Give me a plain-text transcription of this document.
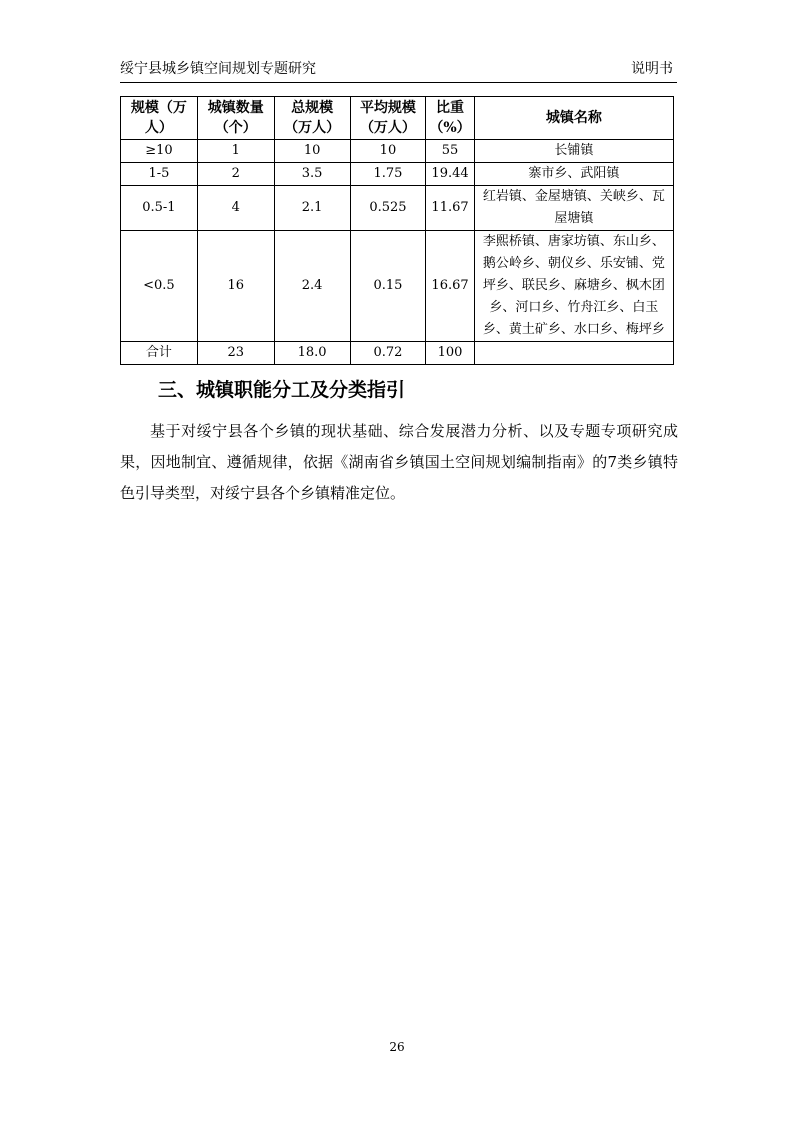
绥宁县城乡镇空间规划专题研究	说明书
规模（万人）	城镇数量（个）	总规模（万人）	平均规模（万人）	比重（%）	城镇名称
≥10	1	10	10	55	长铺镇
1-5	2	3.5	1.75	19.44	寨市乡、武阳镇
0.5-1	4	2.1	0.525	11.67	红岩镇、金屋塘镇、关峡乡、瓦屋塘镇
<0.5	16	2.4	0.15	16.67	李熙桥镇、唐家坊镇、东山乡、鹅公岭乡、朝仪乡、乐安铺、党坪乡、联民乡、麻塘乡、枫木团乡、河口乡、竹舟江乡、白玉乡、黄土矿乡、水口乡、梅坪乡
合计	23	18.0	0.72	100	
三、城镇职能分工及分类指引
基于对绥宁县各个乡镇的现状基础、综合发展潜力分析、以及专题专项研究成果，因地制宜、遵循规律，依据《湖南省乡镇国土空间规划编制指南》的7类乡镇特色引导类型，对绥宁县各个乡镇精准定位。
26
